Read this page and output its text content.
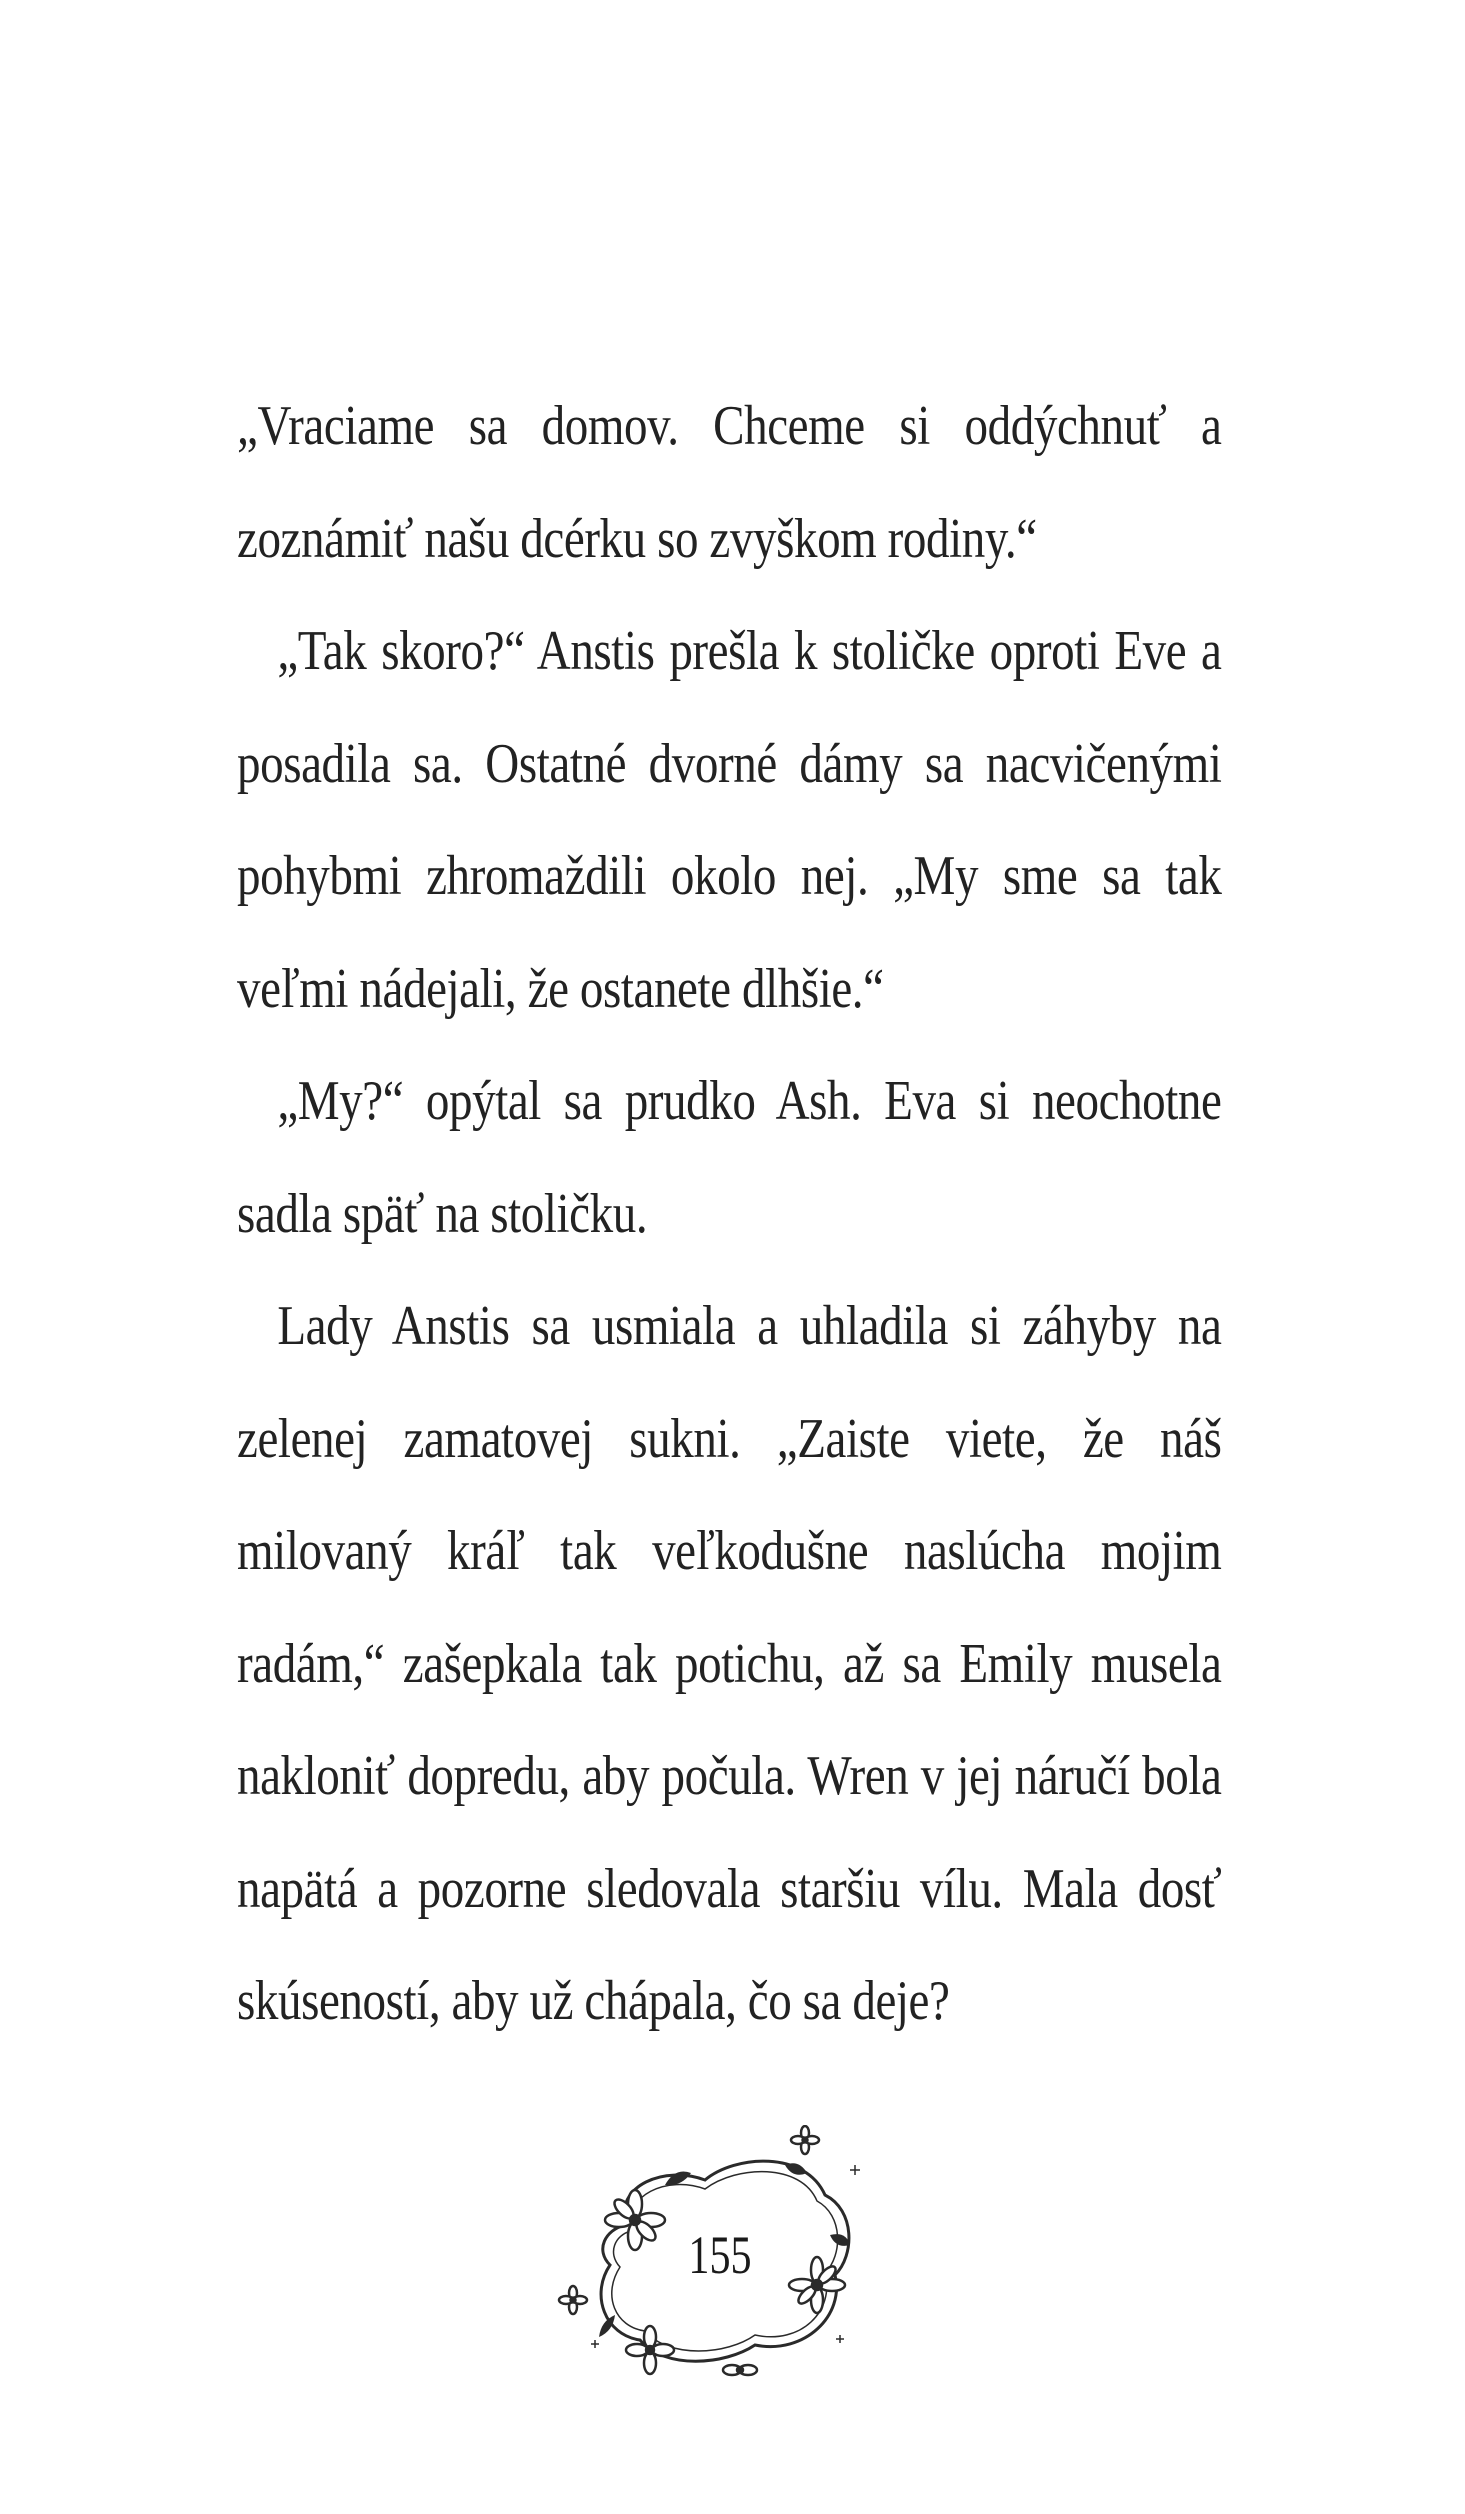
„Vraciame sa domov. Chceme si oddýchnuť a zoznámiť našu dcérku so zvyškom rodiny.“

„Tak skoro?“ Anstis prešla k stoličke oproti Eve a posadila sa. Ostatné dvorné dámy sa nacvičenými pohybmi zhromaždili okolo nej. „My sme sa tak veľmi nádejali, že ostanete dlhšie.“

„My?“ opýtal sa prudko Ash. Eva si neochotne sadla späť na stoličku.

Lady Anstis sa usmiala a uhladila si záhyby na zelenej zamatovej sukni. „Zaiste viete, že náš milovaný kráľ tak veľkodušne naslúcha mojim radám,“ zašepkala tak potichu, až sa Emily musela nakloniť dopredu, aby počula. Wren v jej náručí bola napätá a pozorne sledovala staršiu vílu. Mala dosť skúseností, aby už chápala, čo sa deje?

155
